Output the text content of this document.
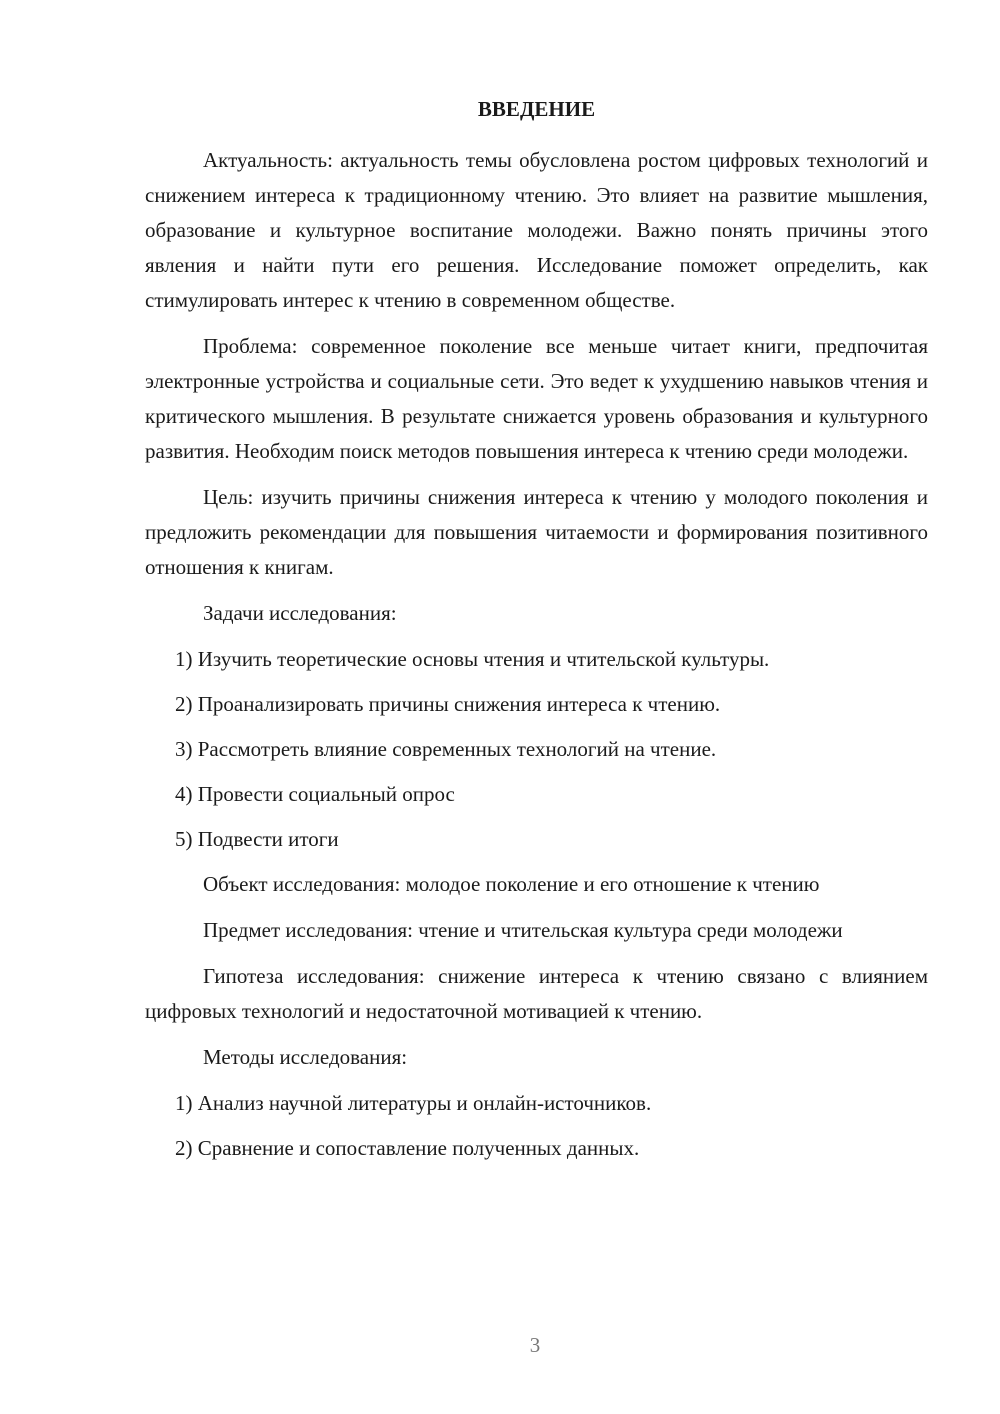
ВВЕДЕНИЕ

Актуальность: актуальность темы обусловлена ростом цифровых технологий и снижением интереса к традиционному чтению. Это влияет на развитие мышления, образование и культурное воспитание молодежи. Важно понять причины этого явления и найти пути его решения. Исследование поможет определить, как стимулировать интерес к чтению в современном обществе.

Проблема: современное поколение все меньше читает книги, предпочитая электронные устройства и социальные сети. Это ведет к ухудшению навыков чтения и критического мышления. В результате снижается уровень образования и культурного развития. Необходим поиск методов повышения интереса к чтению среди молодежи.

Цель: изучить причины снижения интереса к чтению у молодого поколения и предложить рекомендации для повышения читаемости и формирования позитивного отношения к книгам.

Задачи исследования:

1) Изучить теоретические основы чтения и чтительской культуры.

2) Проанализировать причины снижения интереса к чтению.

3) Рассмотреть влияние современных технологий на чтение.

4) Провести социальный опрос

5) Подвести итоги

Объект исследования: молодое поколение и его отношение к чтению

Предмет исследования: чтение и чтительская культура среди молодежи

Гипотеза исследования: снижение интереса к чтению связано с влиянием цифровых технологий и недостаточной мотивацией к чтению.

Методы исследования:

1) Анализ научной литературы и онлайн-источников.

2) Сравнение и сопоставление полученных данных.

3
